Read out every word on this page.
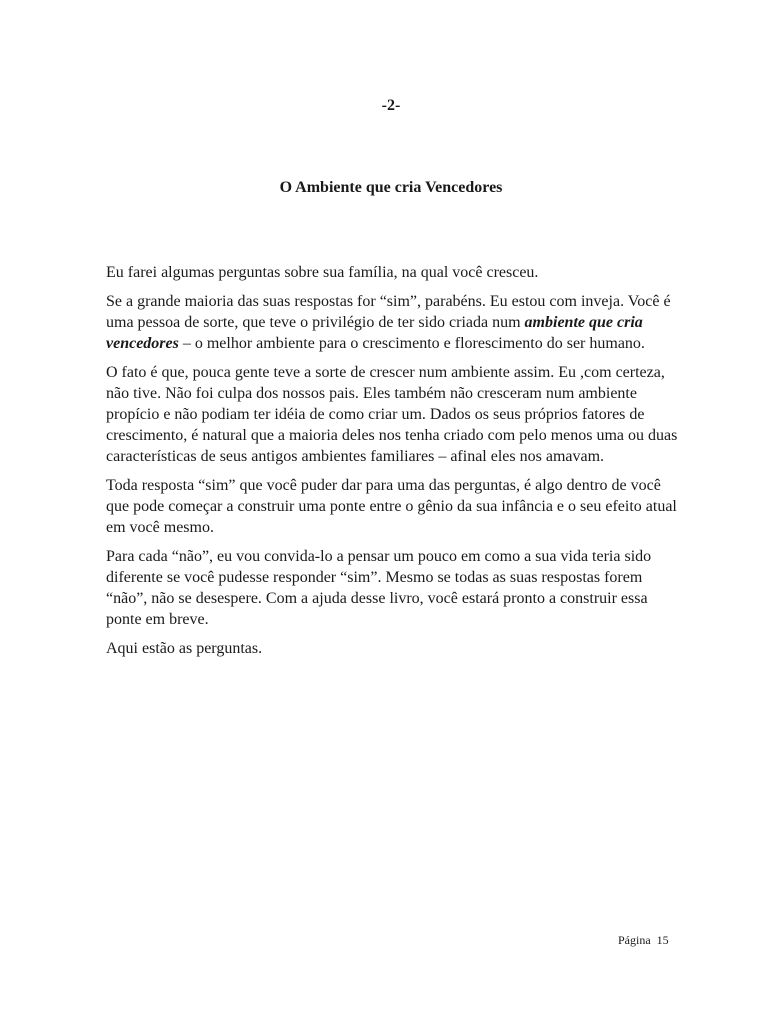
-2-
O Ambiente que cria Vencedores

Eu farei algumas perguntas sobre sua família, na qual você cresceu.

Se a grande maioria das suas respostas for “sim”, parabéns. Eu estou com inveja. Você é uma pessoa de sorte, que teve o privilégio de ter sido criada num ambiente que cria vencedores – o melhor ambiente para o crescimento e florescimento do ser humano.

O fato é que, pouca gente teve a sorte de crescer num ambiente assim. Eu ,com certeza, não tive. Não foi culpa dos nossos pais. Eles também não cresceram num ambiente propício e não podiam ter idéia de como criar um. Dados os seus próprios fatores de crescimento, é natural que a maioria deles nos tenha criado com pelo menos uma ou duas características de seus antigos ambientes familiares – afinal eles nos amavam.

Toda resposta “sim” que você puder dar para uma das perguntas, é algo dentro de você que pode começar a construir uma ponte entre o gênio da sua infância e o seu efeito atual em você mesmo.

Para cada “não”, eu vou convida-lo a pensar um pouco em como a sua vida teria sido diferente se você pudesse responder “sim”. Mesmo se todas as suas respostas forem “não”, não se desespere. Com a ajuda desse livro, você estará pronto a construir essa ponte em breve.

Aqui estão as perguntas.

Página 15
